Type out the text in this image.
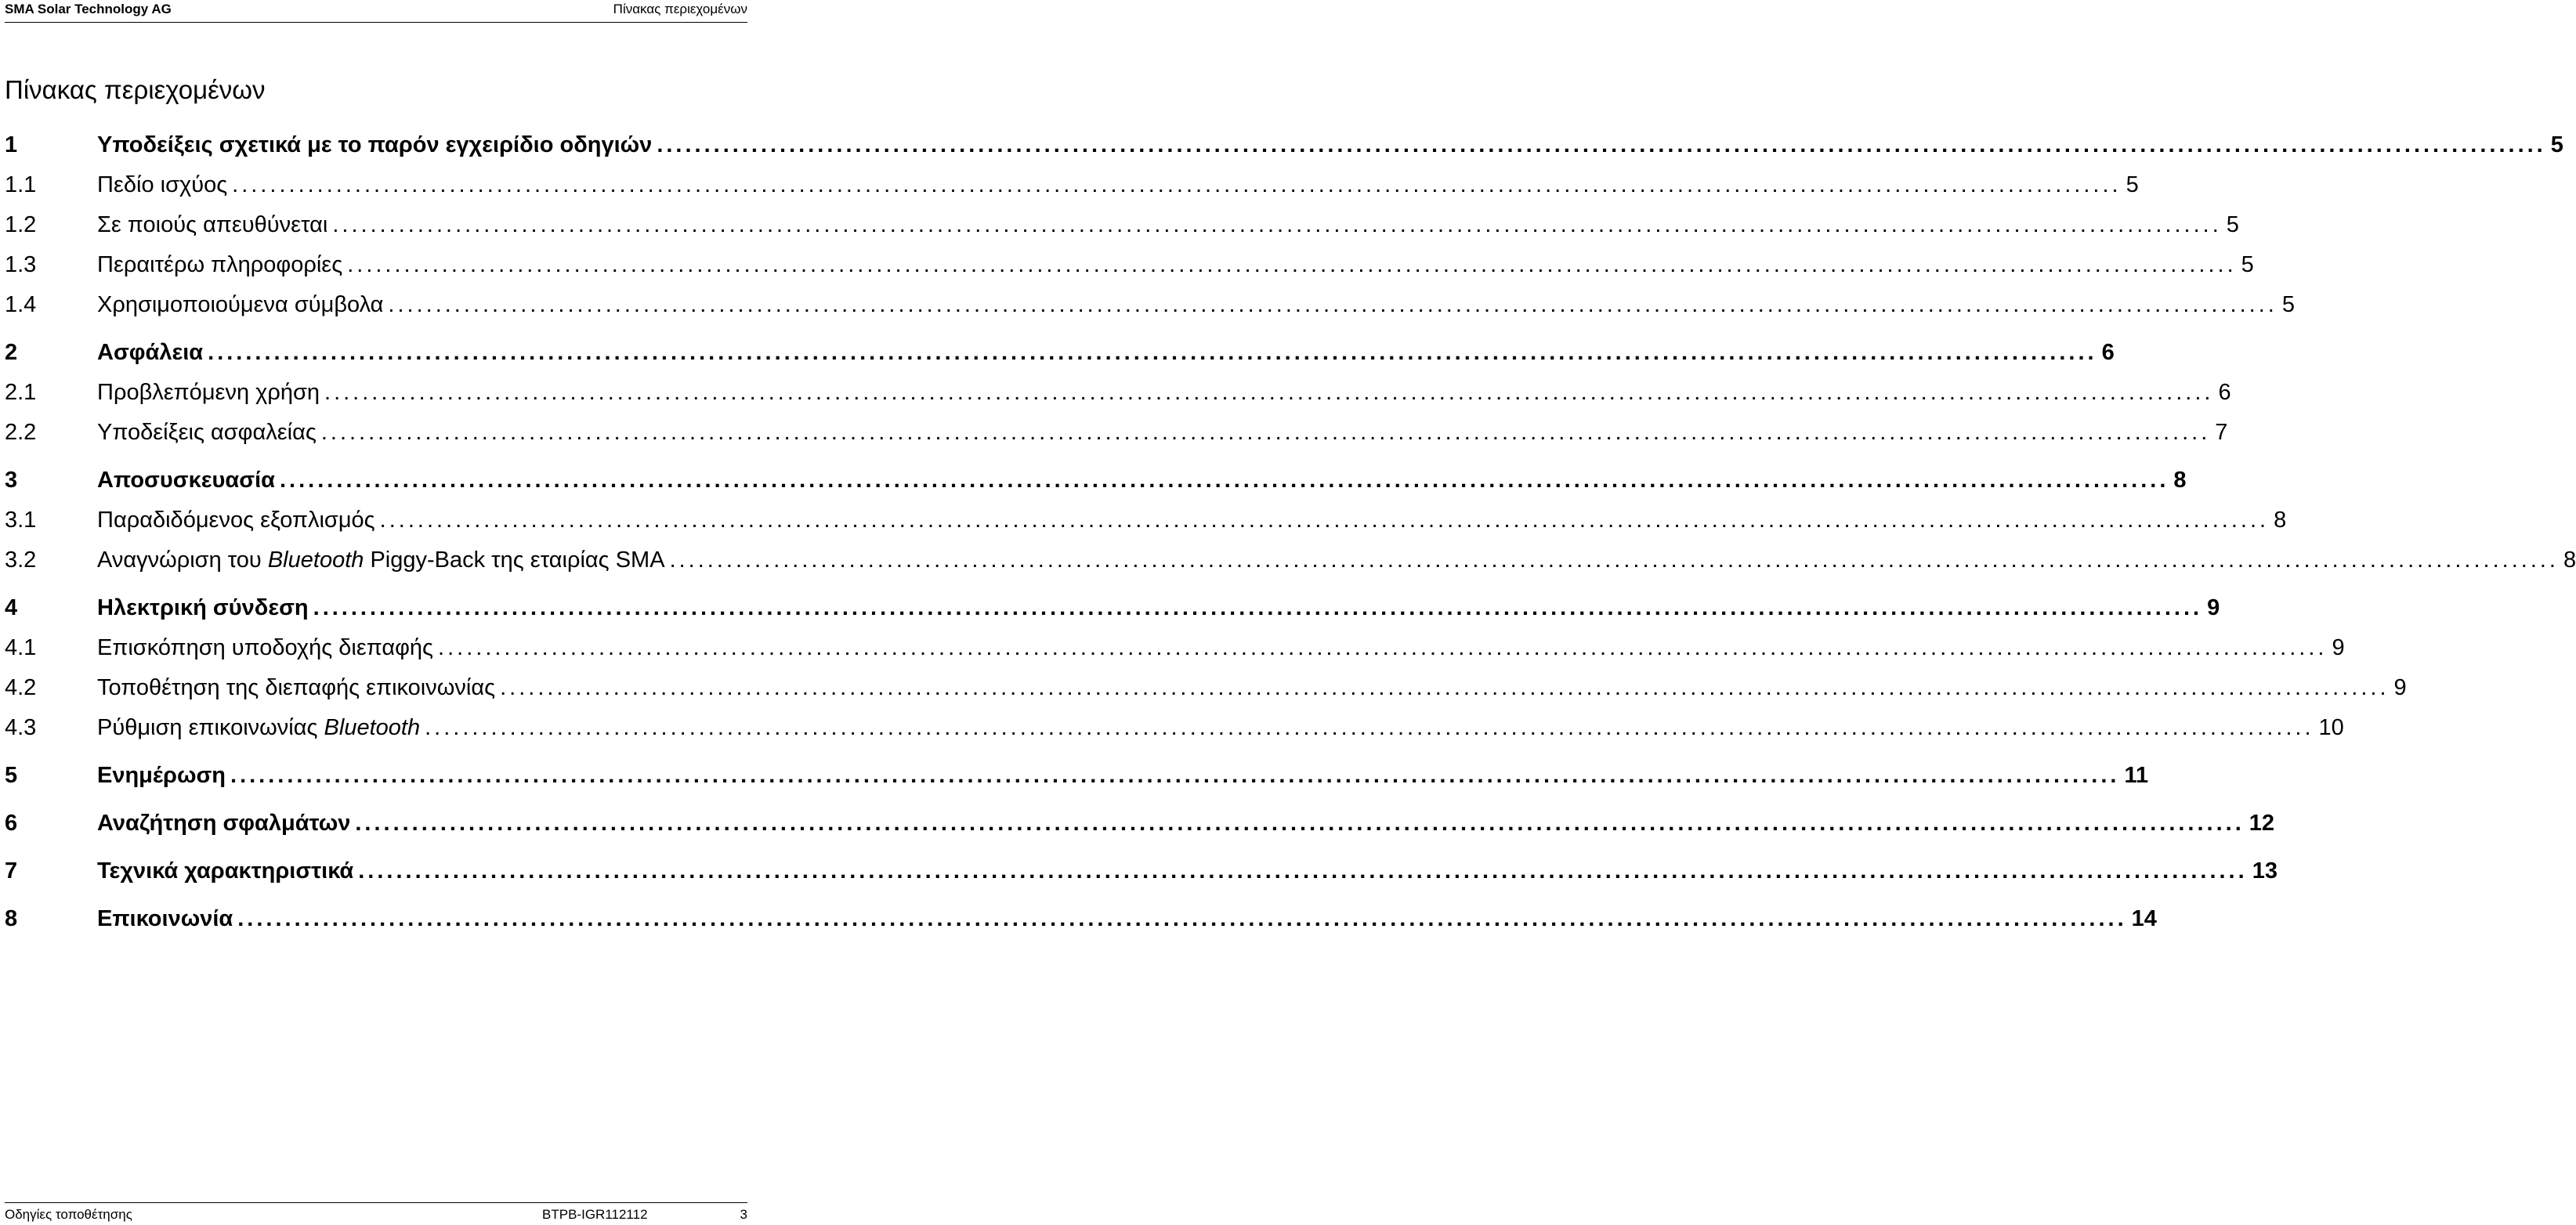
SMA Solar Technology AG	Πίνακας περιεχομένων
Πίνακας περιεχομένων
1	Υποδείξεις σχετικά με το παρόν εγχειρίδιο οδηγιών ........................................................................................................................................................................................................ 5
1.1	Πεδίο ισχύος ........................................................................................................................................................................................................ 5
1.2	Σε ποιούς απευθύνεται ........................................................................................................................................................................................................ 5
1.3	Περαιτέρω πληροφορίες ........................................................................................................................................................................................................ 5
1.4	Χρησιμοποιούμενα σύμβολα ........................................................................................................................................................................................................ 5
2	Ασφάλεια ........................................................................................................................................................................................................ 6
2.1	Προβλεπόμενη χρήση ........................................................................................................................................................................................................ 6
2.2	Υποδείξεις ασφαλείας ........................................................................................................................................................................................................ 7
3	Αποσυσκευασία ........................................................................................................................................................................................................ 8
3.1	Παραδιδόμενος εξοπλισμός ........................................................................................................................................................................................................ 8
3.2	Αναγνώριση του Bluetooth Piggy-Back της εταιρίας SMA ........................................................................................................................................................................................................ 8
4	Ηλεκτρική σύνδεση ........................................................................................................................................................................................................ 9
4.1	Επισκόπηση υποδοχής διεπαφής ........................................................................................................................................................................................................ 9
4.2	Τοποθέτηση της διεπαφής επικοινωνίας ........................................................................................................................................................................................................ 9
4.3	Ρύθμιση επικοινωνίας Bluetooth ........................................................................................................................................................................................................ 10
5	Ενημέρωση ........................................................................................................................................................................................................ 11
6	Αναζήτηση σφαλμάτων ........................................................................................................................................................................................................ 12
7	Τεχνικά χαρακτηριστικά ........................................................................................................................................................................................................ 13
8	Επικοινωνία ........................................................................................................................................................................................................ 14
Οδηγίες τοποθέτησης	BTPB-IGR112112	3
